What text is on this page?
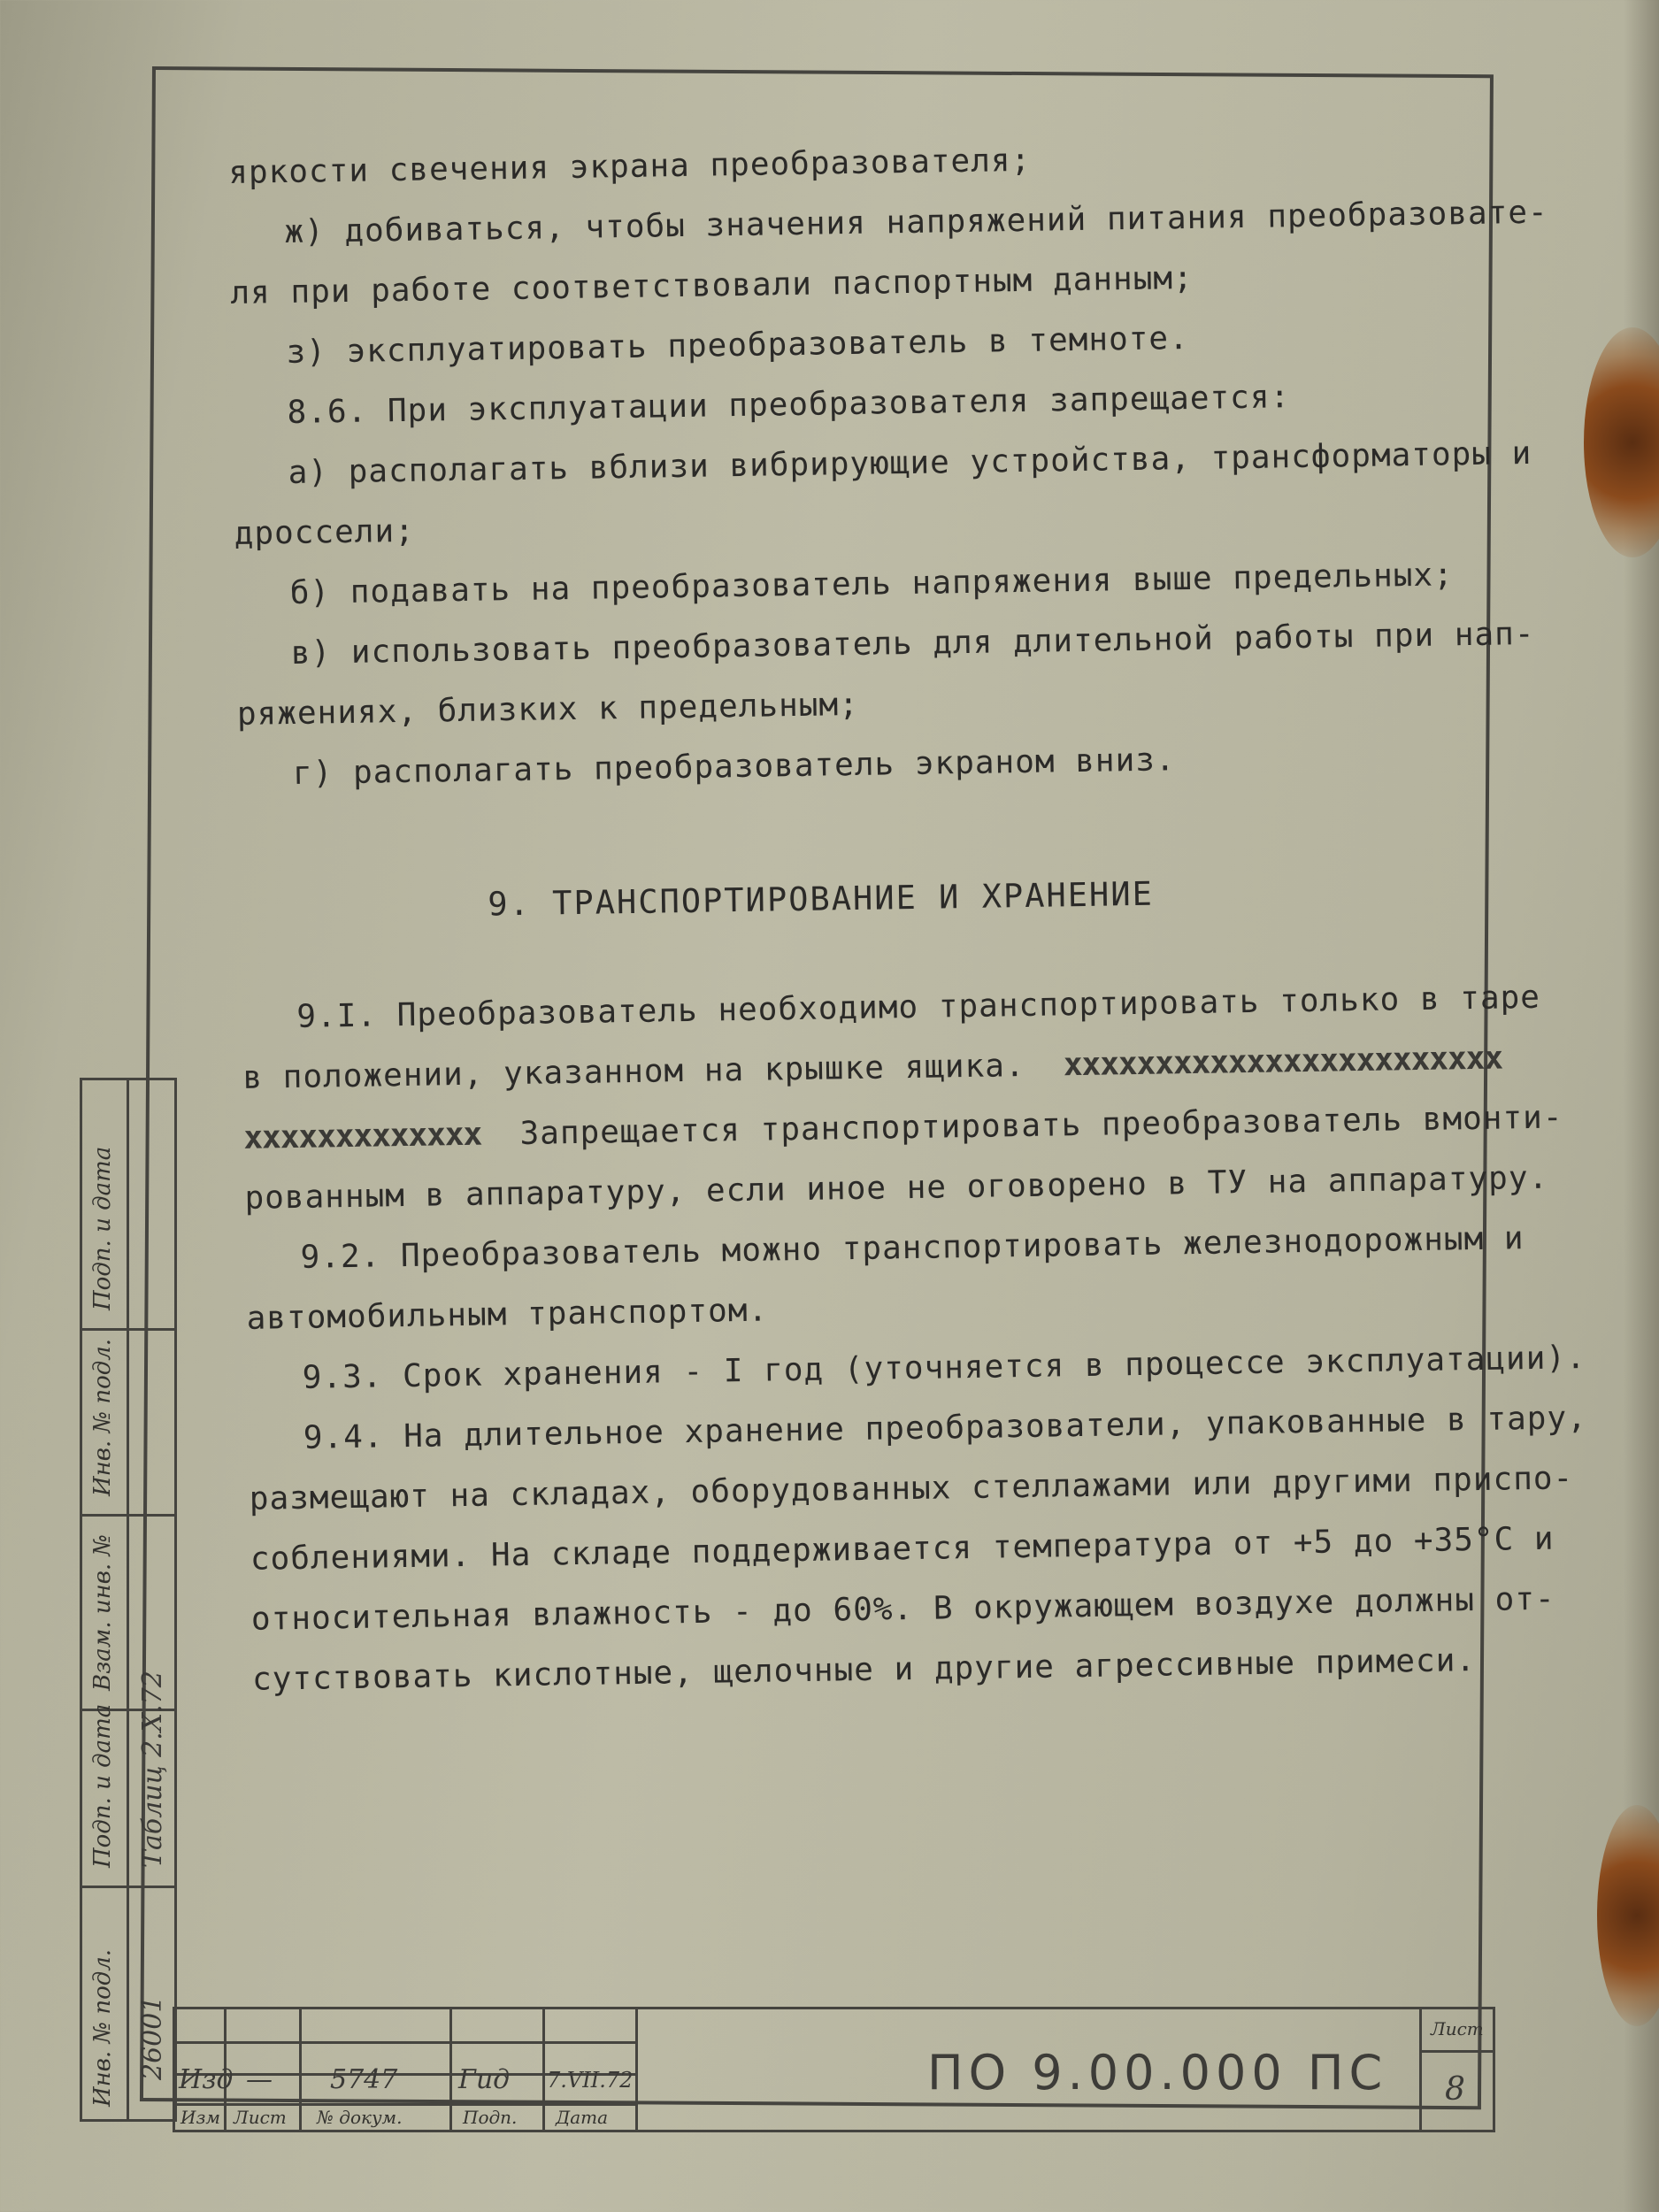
яркости свечения экрана преобразователя;
ж) добиваться, чтобы значения напряжений питания преобразовате-
ля при работе соответствовали паспортным данным;
з) эксплуатировать преобразователь в темноте.
8.6. При эксплуатации преобразователя запрещается:
а) располагать вблизи вибрирующие устройства, трансформаторы и
дроссели;
б) подавать на преобразователь напряжения выше предельных;
в) использовать преобразователь для длительной работы при нап-
ряжениях, близких к предельным;
г) располагать преобразователь экраном вниз.
9. ТРАНСПОРТИРОВАНИЕ И ХРАНЕНИЕ
9.I. Преобразователь необходимо транспортировать только в таре
в положении, указанном на крышке ящика.  xxxxxxxxxxxxxxxxxxxxxxxx
xxxxxxxxxxxxx  Запрещается транспортировать преобразователь вмонти-
рованным в аппаратуру, если иное не оговорено в ТУ на аппаратуру.
9.2. Преобразователь можно транспортировать железнодорожным и
автомобильным транспортом.
9.3. Срок хранения - I год (уточняется в процессе эксплуатации).
9.4. На длительное хранение преобразователи, упакованные в тару,
размещают на складах, оборудованных стеллажами или другими приспо-
соблениями. На складе поддерживается температура от +5 до +35°С и
относительная влажность - до 60%. В окружающем воздухе должны от-
сутствовать кислотные, щелочные и другие агрессивные примеси.
Подп. и дата
Инв. № подл.
Взам. инв. №
Подп. и дата
Инв. № подл.
Таблиц 2.X.72
26001 Изд — 5747 Гид 7.VII.72
Изм Лист № докум.	Подп. Дата
ПО 9.00.000 ПС
Лист
8
